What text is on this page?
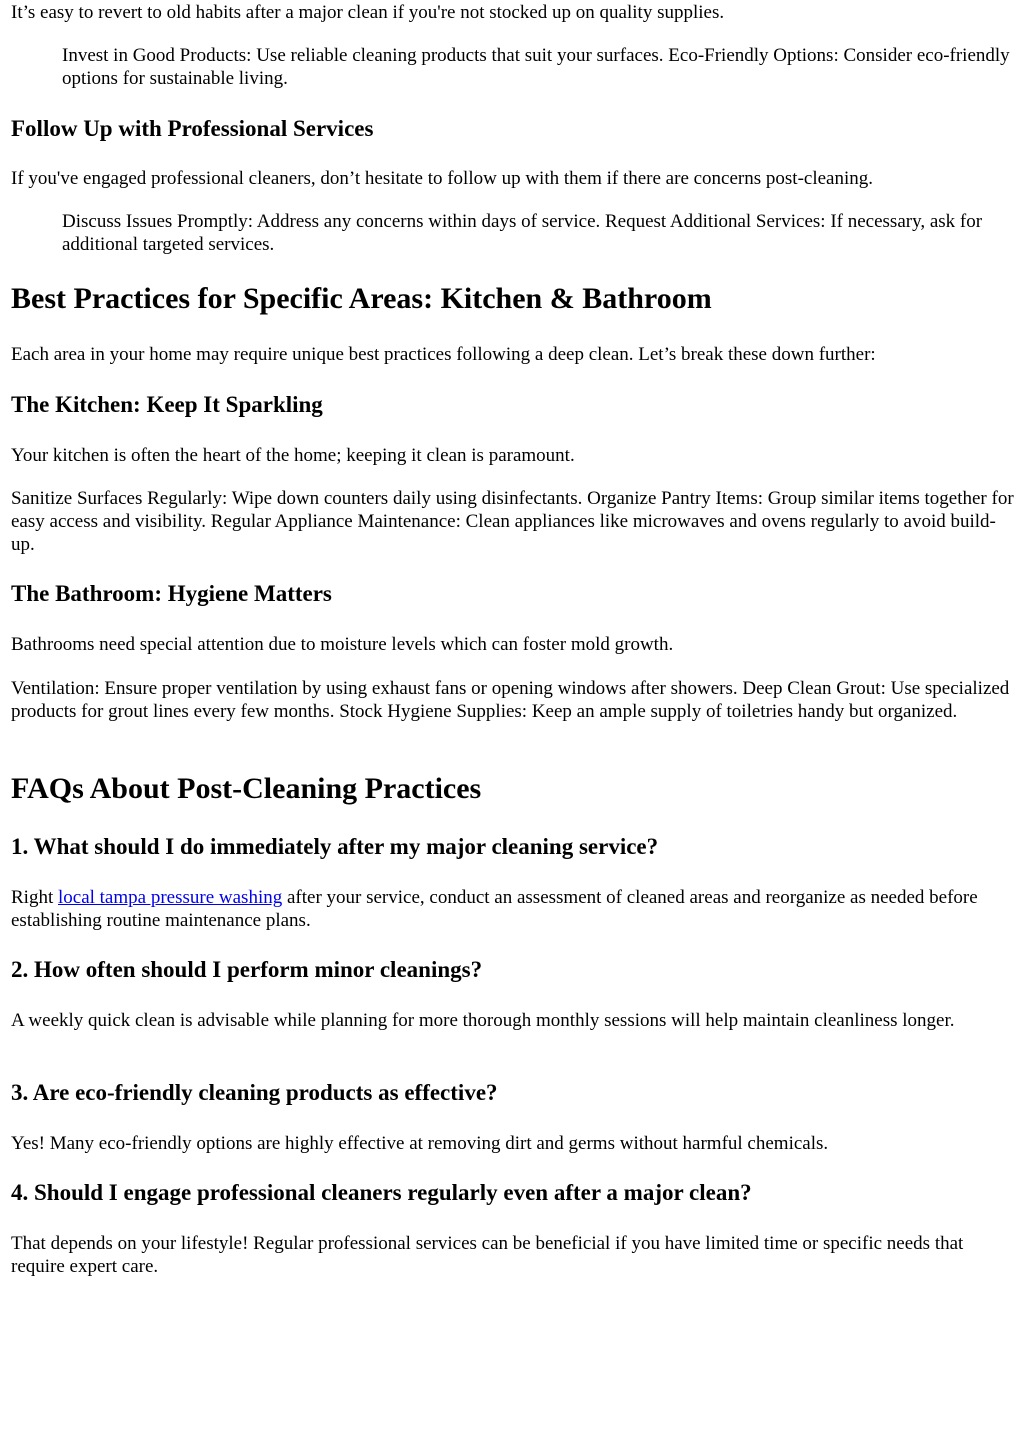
It’s easy to revert to old habits after a major clean if you're not stocked up on quality supplies.

Invest in Good Products: Use reliable cleaning products that suit your surfaces. Eco-Friendly Options: Consider eco-friendly options for sustainable living.
Follow Up with Professional Services

If you've engaged professional cleaners, don’t hesitate to follow up with them if there are concerns post-cleaning.

Discuss Issues Promptly: Address any concerns within days of service. Request Additional Services: If necessary, ask for additional targeted services.
Best Practices for Specific Areas: Kitchen & Bathroom

Each area in your home may require unique best practices following a deep clean. Let’s break these down further:

The Kitchen: Keep It Sparkling

Your kitchen is often the heart of the home; keeping it clean is paramount.

Sanitize Surfaces Regularly: Wipe down counters daily using disinfectants. Organize Pantry Items: Group similar items together for easy access and visibility. Regular Appliance Maintenance: Clean appliances like microwaves and ovens regularly to avoid build-up.

The Bathroom: Hygiene Matters

Bathrooms need special attention due to moisture levels which can foster mold growth.

Ventilation: Ensure proper ventilation by using exhaust fans or opening windows after showers. Deep Clean Grout: Use specialized products for grout lines every few months. Stock Hygiene Supplies: Keep an ample supply of toiletries handy but organized.

FAQs About Post-Cleaning Practices
1. What should I do immediately after my major cleaning service?

Right local tampa pressure washing after your service, conduct an assessment of cleaned areas and reorganize as needed before establishing routine maintenance plans.

2. How often should I perform minor cleanings?

A weekly quick clean is advisable while planning for more thorough monthly sessions will help maintain cleanliness longer.

3. Are eco-friendly cleaning products as effective?

Yes! Many eco-friendly options are highly effective at removing dirt and germs without harmful chemicals.

4. Should I engage professional cleaners regularly even after a major clean?

That depends on your lifestyle! Regular professional services can be beneficial if you have limited time or specific needs that require expert care.
